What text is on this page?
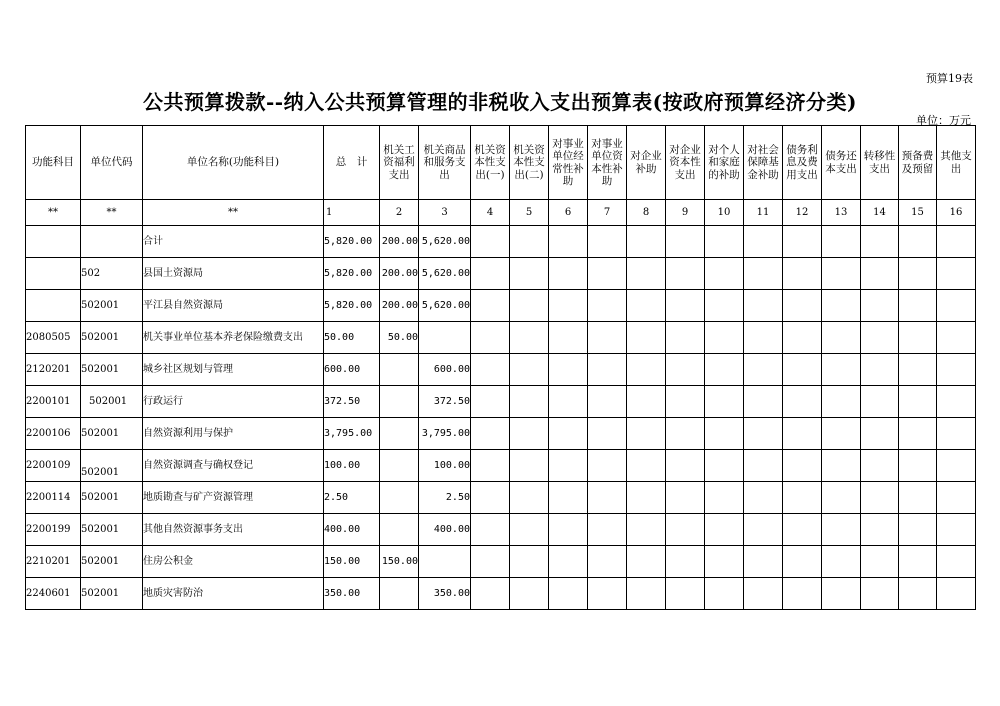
预算19表
公共预算拨款--纳入公共预算管理的非税收入支出预算表(按政府预算经济分类)
单位：万元
功能科目	单位代码	单位名称(功能科目)	总　计	机关工资福利支出	机关商品和服务支出	机关资本性支出(一)	机关资本性支出(二)	对事业单位经常性补助	对事业单位资本性补助	对企业补助	对企业资本性支出	对个人和家庭的补助	对社会保障基金补助	债务利息及费用支出	债务还本支出	转移性支出	预备费及预留	其他支出
**	**	**	1	2	3	4	5	6	7	8	9	10	11	12	13	14	15	16
		合计	5,820.00	200.00	5,620.00													
	502	县国土资源局	5,820.00	200.00	5,620.00													
	502001	平江县自然资源局	5,820.00	200.00	5,620.00													
2080505	502001	机关事业单位基本养老保险缴费支出	50.00	50.00														
2120201	502001	城乡社区规划与管理	600.00		600.00													
2200101	502001	行政运行	372.50		372.50													
2200106	502001	自然资源利用与保护	3,795.00		3,795.00													
2200109	502001	自然资源调查与确权登记	100.00		100.00													
2200114	502001	地质勘查与矿产资源管理	2.50		2.50													
2200199	502001	其他自然资源事务支出	400.00		400.00													
2210201	502001	住房公积金	150.00	150.00														
2240601	502001	地质灾害防治	350.00		350.00													
